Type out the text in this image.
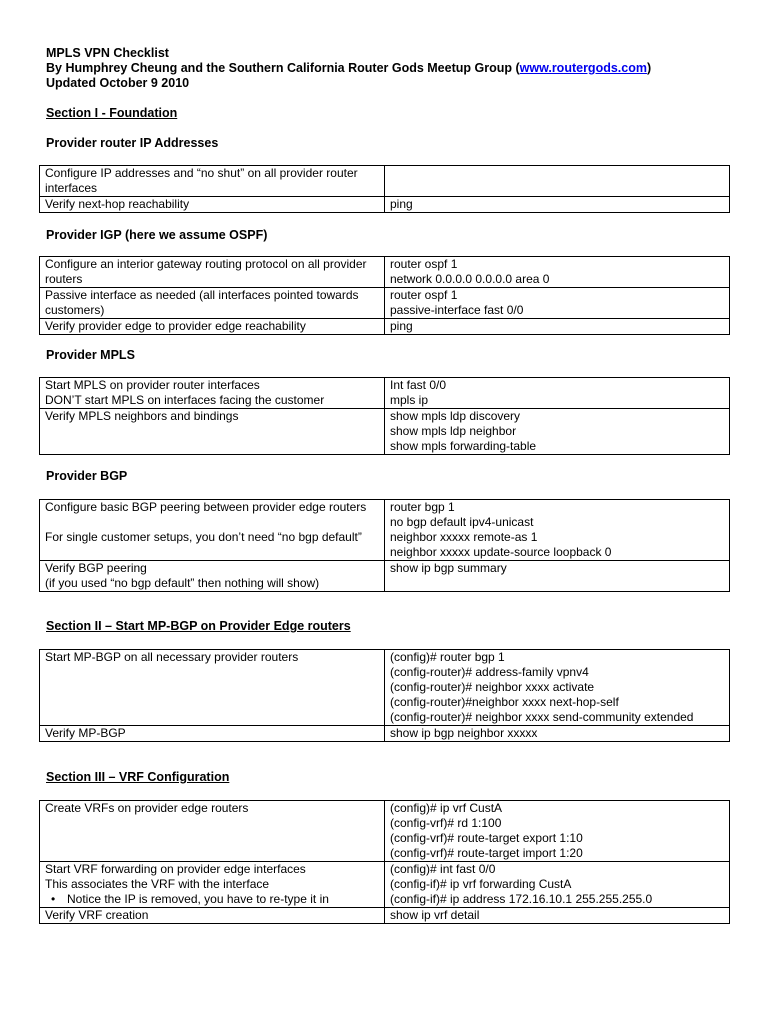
MPLS VPN Checklist
By Humphrey Cheung and the Southern California Router Gods Meetup Group (www.routergods.com)
Updated October 9 2010
Section I - Foundation
Provider router IP Addresses
Configure IP addresses and “no shut” on all provider router interfaces	

Verify next-hop reachability	ping
Provider IGP (here we assume OSPF)
Configure an interior gateway routing protocol on all provider routers	router ospf 1
network 0.0.0.0 0.0.0.0 area 0

Passive interface as needed (all interfaces pointed towards customers)	router ospf 1
passive-interface fast 0/0

Verify provider edge to provider edge reachability	ping
Provider MPLS
Start MPLS on provider router interfaces
DON’T start MPLS on interfaces facing the customer	Int fast 0/0
mpls ip

Verify MPLS neighbors and bindings	show mpls ldp discovery
show mpls ldp neighbor
show mpls forwarding-table
Provider BGP
Configure basic BGP peering between provider edge routers
For single customer setups, you don’t need “no bgp default”	router bgp 1
no bgp default ipv4-unicast
neighbor xxxxx remote-as 1
neighbor xxxxx update-source loopback 0

Verify BGP peering
(if you used “no bgp default” then nothing will show)	show ip bgp summary
Section II – Start MP-BGP on Provider Edge routers
Start MP-BGP on all necessary provider routers	(config)# router bgp 1
(config-router)# address-family vpnv4
(config-router)# neighbor xxxx activate
(config-router)#neighbor xxxx next-hop-self
(config-router)# neighbor xxxx send-community extended

Verify MP-BGP	show ip bgp neighbor xxxxx
Section III – VRF Configuration
Create VRFs on provider edge routers	(config)# ip vrf CustA
(config-vrf)# rd 1:100
(config-vrf)# route-target export 1:10
(config-vrf)# route-target import 1:20

Start VRF forwarding on provider edge interfaces
This associates the VRF with the interface
• Notice the IP is removed, you have to re-type it in	(config)# int fast 0/0
(config-if)# ip vrf forwarding CustA
(config-if)# ip address 172.16.10.1 255.255.255.0

Verify VRF creation	show ip vrf detail
